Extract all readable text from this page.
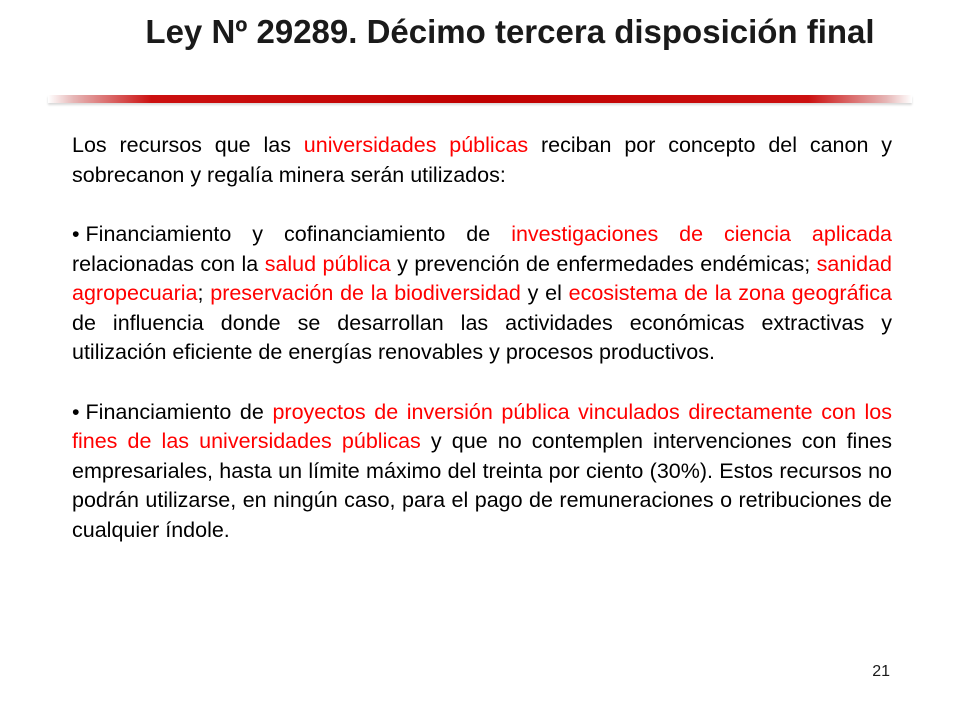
Ley Nº 29289. Décimo tercera disposición final

Los recursos que las universidades públicas reciban por concepto del canon y sobrecanon y regalía minera serán utilizados:

• Financiamiento y cofinanciamiento de investigaciones de ciencia aplicada relacionadas con la salud pública y prevención de enfermedades endémicas; sanidad agropecuaria; preservación de la biodiversidad y el ecosistema de la zona geográfica de influencia donde se desarrollan las actividades económicas extractivas y utilización eficiente de energías renovables y procesos productivos.

• Financiamiento de proyectos de inversión pública vinculados directamente con los fines de las universidades públicas y que no contemplen intervenciones con fines empresariales, hasta un límite máximo del treinta por ciento (30%). Estos recursos no podrán utilizarse, en ningún caso, para el pago de remuneraciones o retribuciones de cualquier índole.

21
